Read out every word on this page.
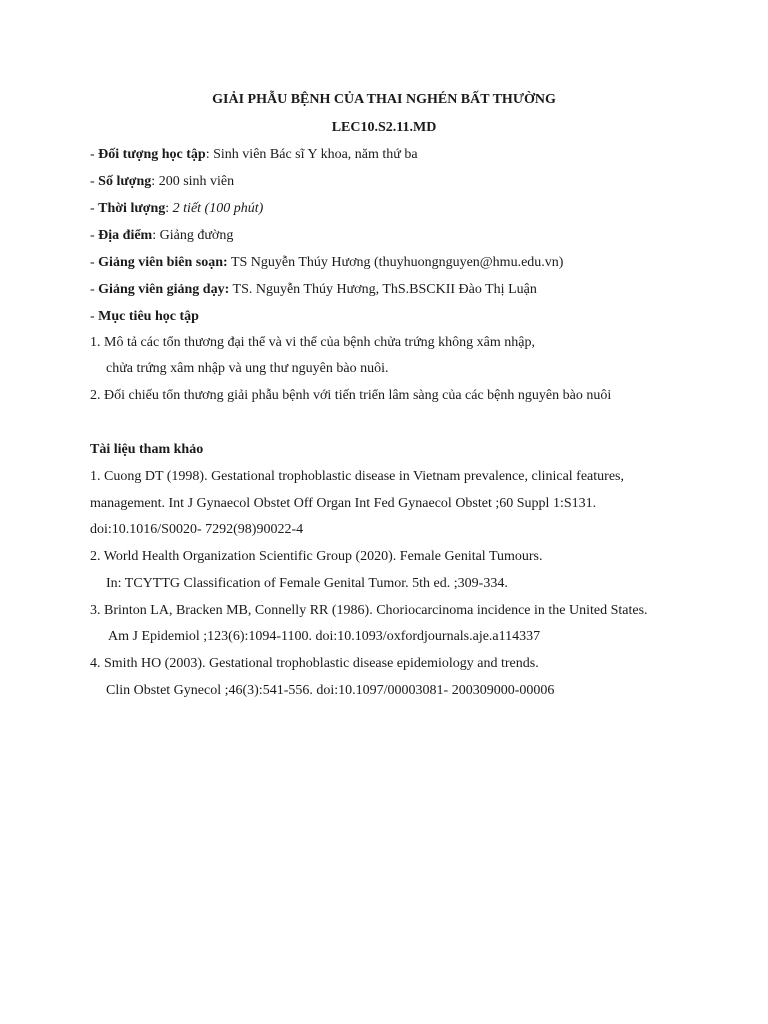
GIẢI PHẪU BỆNH CỦA THAI NGHÉN BẤT THƯỜNG
LEC10.S2.11.MD
- Đối tượng học tập: Sinh viên Bác sĩ Y khoa, năm thứ ba
- Số lượng: 200 sinh viên
- Thời lượng: 2 tiết (100 phút)
- Địa điểm: Giảng đường
- Giảng viên biên soạn: TS Nguyễn Thúy Hương (thuyhuongnguyen@hmu.edu.vn)
- Giảng viên giảng dạy: TS. Nguyễn Thúy Hương, ThS.BSCKII Đào Thị Luận
- Mục tiêu học tập
1. Mô tả các tổn thương đại thể và vi thể của bệnh chửa trứng không xâm nhập,
chửa trứng xâm nhập và ung thư nguyên bào nuôi.
2. Đối chiếu tổn thương giải phẫu bệnh với tiến triển lâm sàng của các bệnh nguyên bào nuôi
Tài liệu tham khảo
1. Cuong DT (1998). Gestational trophoblastic disease in Vietnam prevalence, clinical features,
management. Int J Gynaecol Obstet Off Organ Int Fed Gynaecol Obstet ;60 Suppl 1:S131.
doi:10.1016/S0020- 7292(98)90022-4
2. World Health Organization Scientific Group (2020). Female Genital Tumours.
In: TCYTTG Classification of Female Genital Tumor. 5th ed. ;309-334.
3. Brinton LA, Bracken MB, Connelly RR (1986). Choriocarcinoma incidence in the United States.
Am J Epidemiol ;123(6):1094-1100. doi:10.1093/oxfordjournals.aje.a114337
4. Smith HO (2003). Gestational trophoblastic disease epidemiology and trends.
Clin Obstet Gynecol ;46(3):541-556. doi:10.1097/00003081- 200309000-00006
